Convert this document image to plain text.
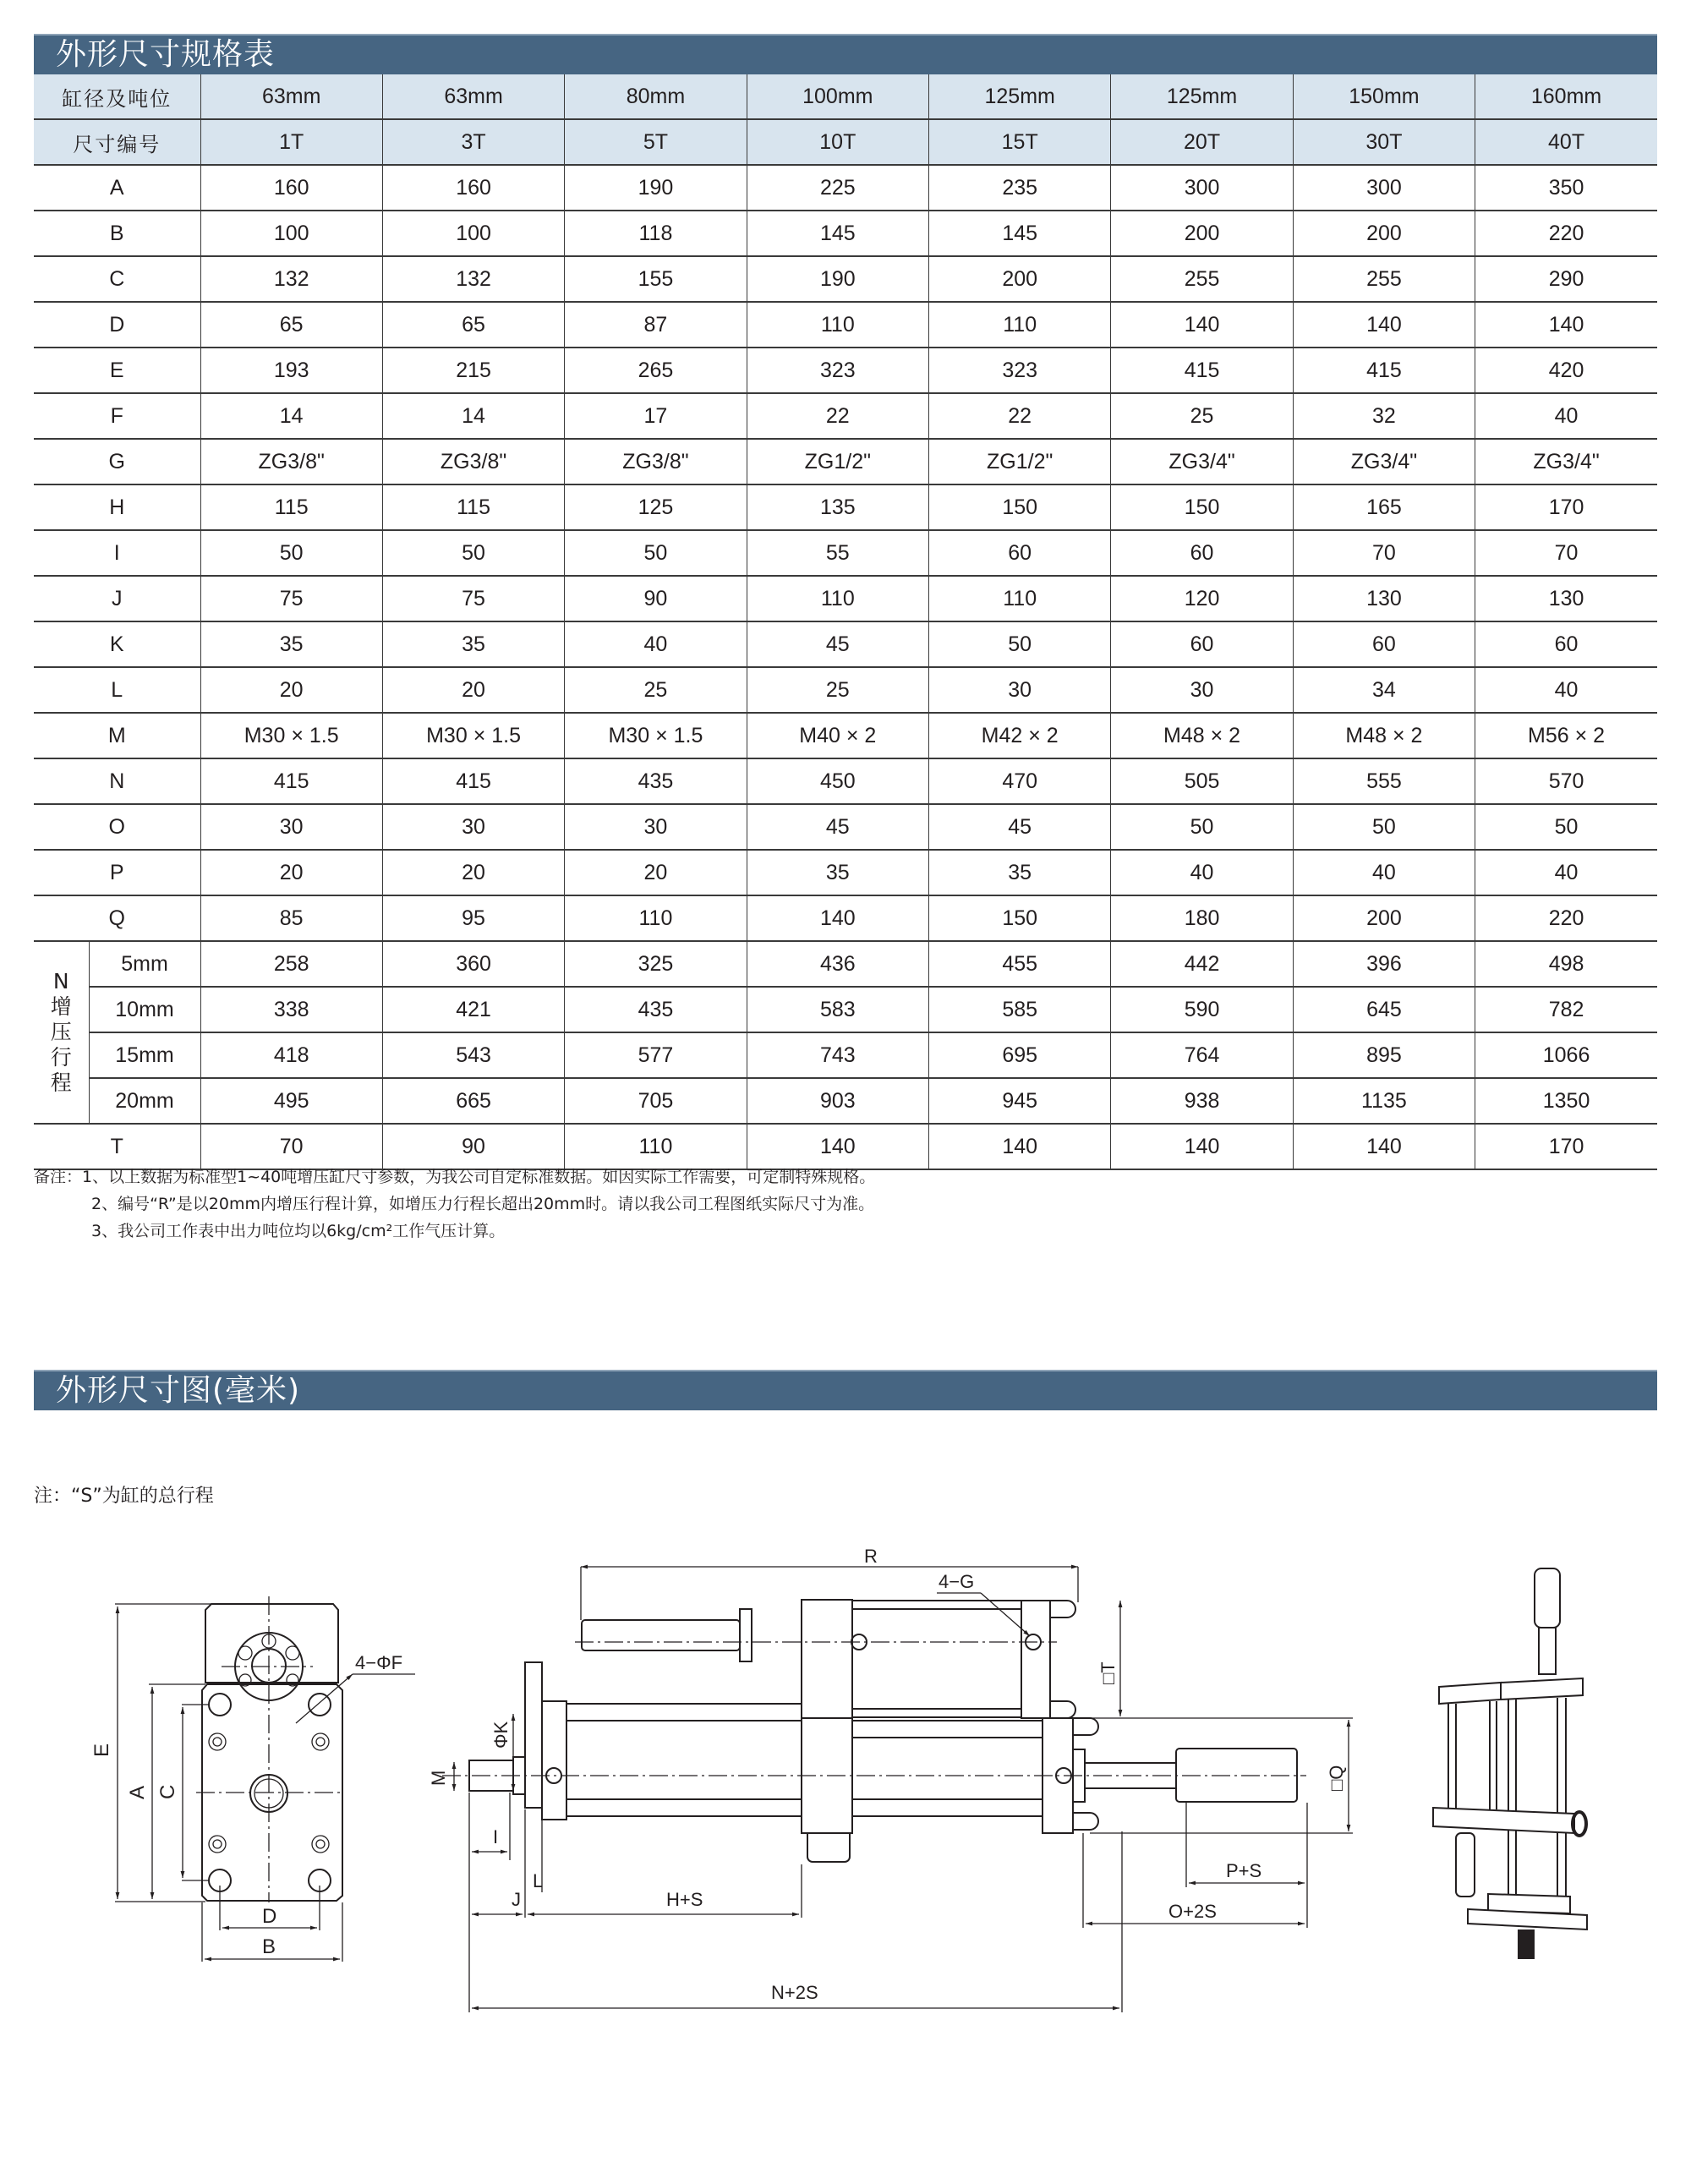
外形尺寸规格表
缸径及吨位		63mm	63mm	80mm	100mm	125mm	125mm	150mm	160mm
尺寸编号		1T	3T	5T	10T	15T	20T	30T	40T
A		160	160	190	225	235	300	300	350
B		100	100	118	145	145	200	200	220
C		132	132	155	190	200	255	255	290
D		65	65	87	110	110	140	140	140
E		193	215	265	323	323	415	415	420
F		14	14	17	22	22	25	32	40
G		ZG3/8"	ZG3/8"	ZG3/8"	ZG1/2"	ZG1/2"	ZG3/4"	ZG3/4"	ZG3/4"
H		115	115	125	135	150	150	165	170
I		50	50	50	55	60	60	70	70
J		75	75	90	110	110	120	130	130
K		35	35	40	45	50	60	60	60
L		20	20	25	25	30	30	34	40
M		M30 × 1.5	M30 × 1.5	M30 × 1.5	M40 × 2	M42 × 2	M48 × 2	M48 × 2	M56 × 2
N		415	415	435	450	470	505	555	570
O		30	30	30	45	45	50	50	50
P		20	20	20	35	35	40	40	40
Q		85	95	110	140	150	180	200	220

N
增
压
行
程	5mm	258	360	325	436	455	442	396	498
	10mm	338	421	435	583	585	590	645	782
	15mm	418	543	577	743	695	764	895	1066
	20mm	495	665	705	903	945	938	1135	1350
T		70	90	110	140	140	140	140	170
备注：1、以上数据为标准型1~40吨增压缸尺寸参数，为我公司自定标准数据。如因实际工作需要，可定制特殊规格。
2、编号“R”是以20mm内增压行程计算，如增压力行程长超出20mm时。请以我公司工程图纸实际尺寸为准。
3、我公司工作表中出力吨位均以6kg/cm²工作气压计算。
外形尺寸图(毫米)
注：“S”为缸的总行程
E
A C
D
B
4−ΦF
R
4−G
□T
□Q
ΦK
M
I
L
J	H+S
N+2S
P+S
O+2S
